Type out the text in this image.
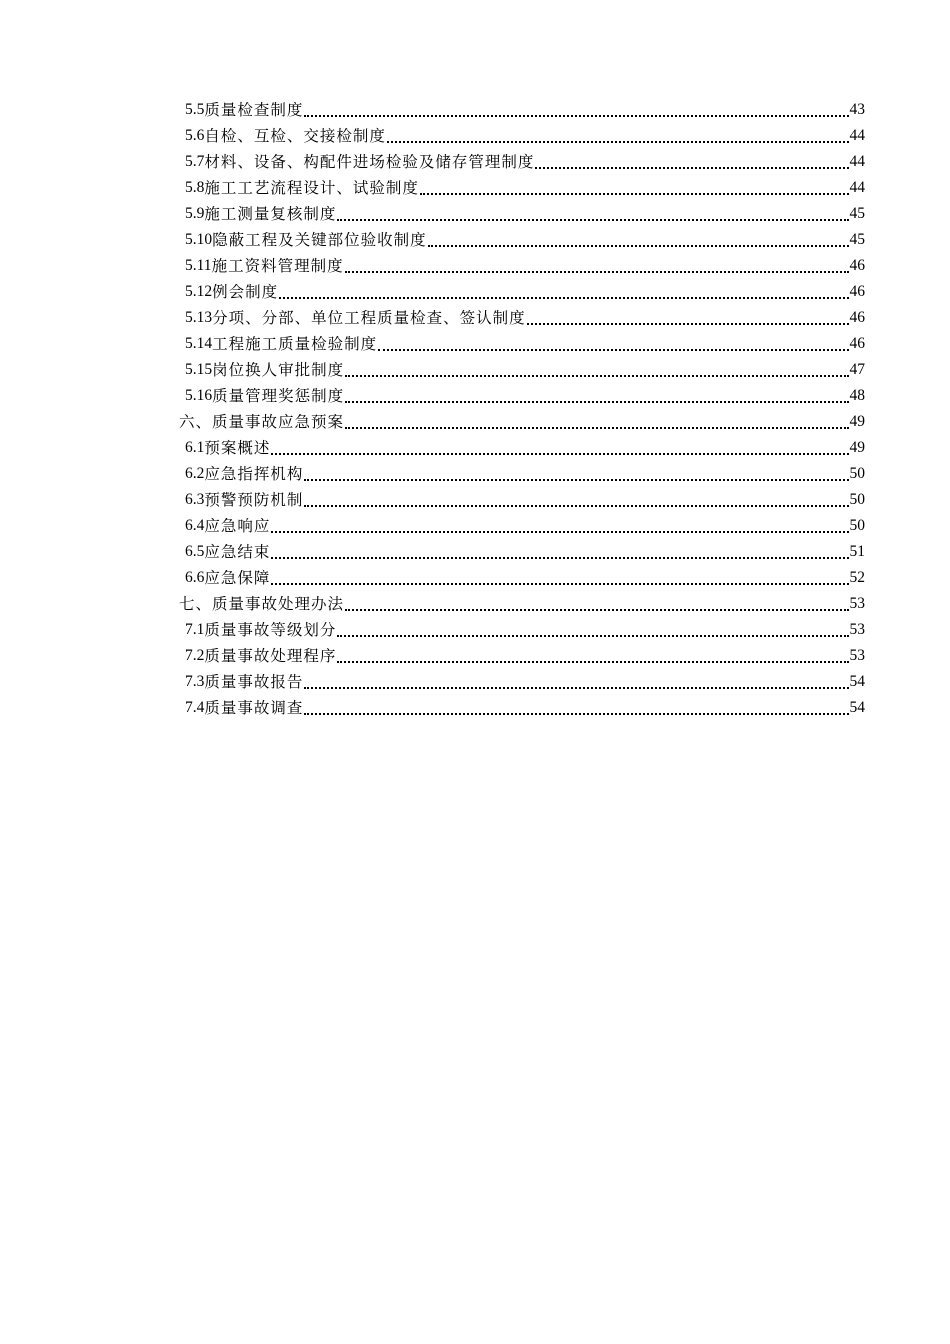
5.5 质量检查制度	43
5.6 自检、互检、交接检制度	44
5.7 材料、设备、构配件进场检验及储存管理制度	44
5.8 施工工艺流程设计、试验制度	44
5.9 施工测量复核制度	45
5.10 隐蔽工程及关键部位验收制度	45
5.11 施工资料管理制度	46
5.12 例会制度	46
5.13 分项、分部、单位工程质量检查、签认制度	46
5.14 工程施工质量检验制度	46
5.15 岗位换人审批制度	47
5.16 质量管理奖惩制度	48
六、质量事故应急预案	49
6.1 预案概述	49
6.2 应急指挥机构	50
6.3 预警预防机制	50
6.4 应急响应	50
6.5 应急结束	51
6.6 应急保障	52
七、质量事故处理办法	53
7.1 质量事故等级划分	53
7.2 质量事故处理程序	53
7.3 质量事故报告	54
7.4 质量事故调查	54
